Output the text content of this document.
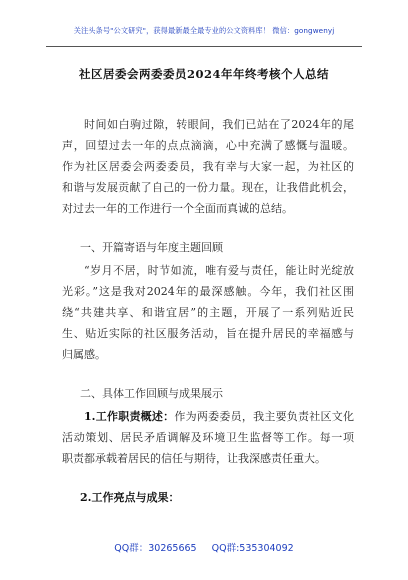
关注头条号"公文研究"，获得最新最全最专业的公文资料库！ 微信：gongwenyj
社区居委会两委委员2024年年终考核个人总结
时间如白驹过隙，转眼间，我们已站在了2024年的尾
声，回望过去一年的点点滴滴，心中充满了感慨与温暖。
作为社区居委会两委委员，我有幸与大家一起，为社区的
和谐与发展贡献了自己的一份力量。现在，让我借此机会，
对过去一年的工作进行一个全面而真诚的总结。
一、开篇寄语与年度主题回顾
“岁月不居，时节如流，唯有爱与责任，能让时光绽放
光彩。”这是我对2024年的最深感触。今年，我们社区围
绕“共建共享、和谐宜居”的主题，开展了一系列贴近民
生、贴近实际的社区服务活动，旨在提升居民的幸福感与
归属感。
二、具体工作回顾与成果展示
1.工作职责概述：作为两委委员，我主要负责社区文化
活动策划、居民矛盾调解及环境卫生监督等工作。每一项
职责都承载着居民的信任与期待，让我深感责任重大。
2.工作亮点与成果：
QQ群：30265665 QQ群:535304092
